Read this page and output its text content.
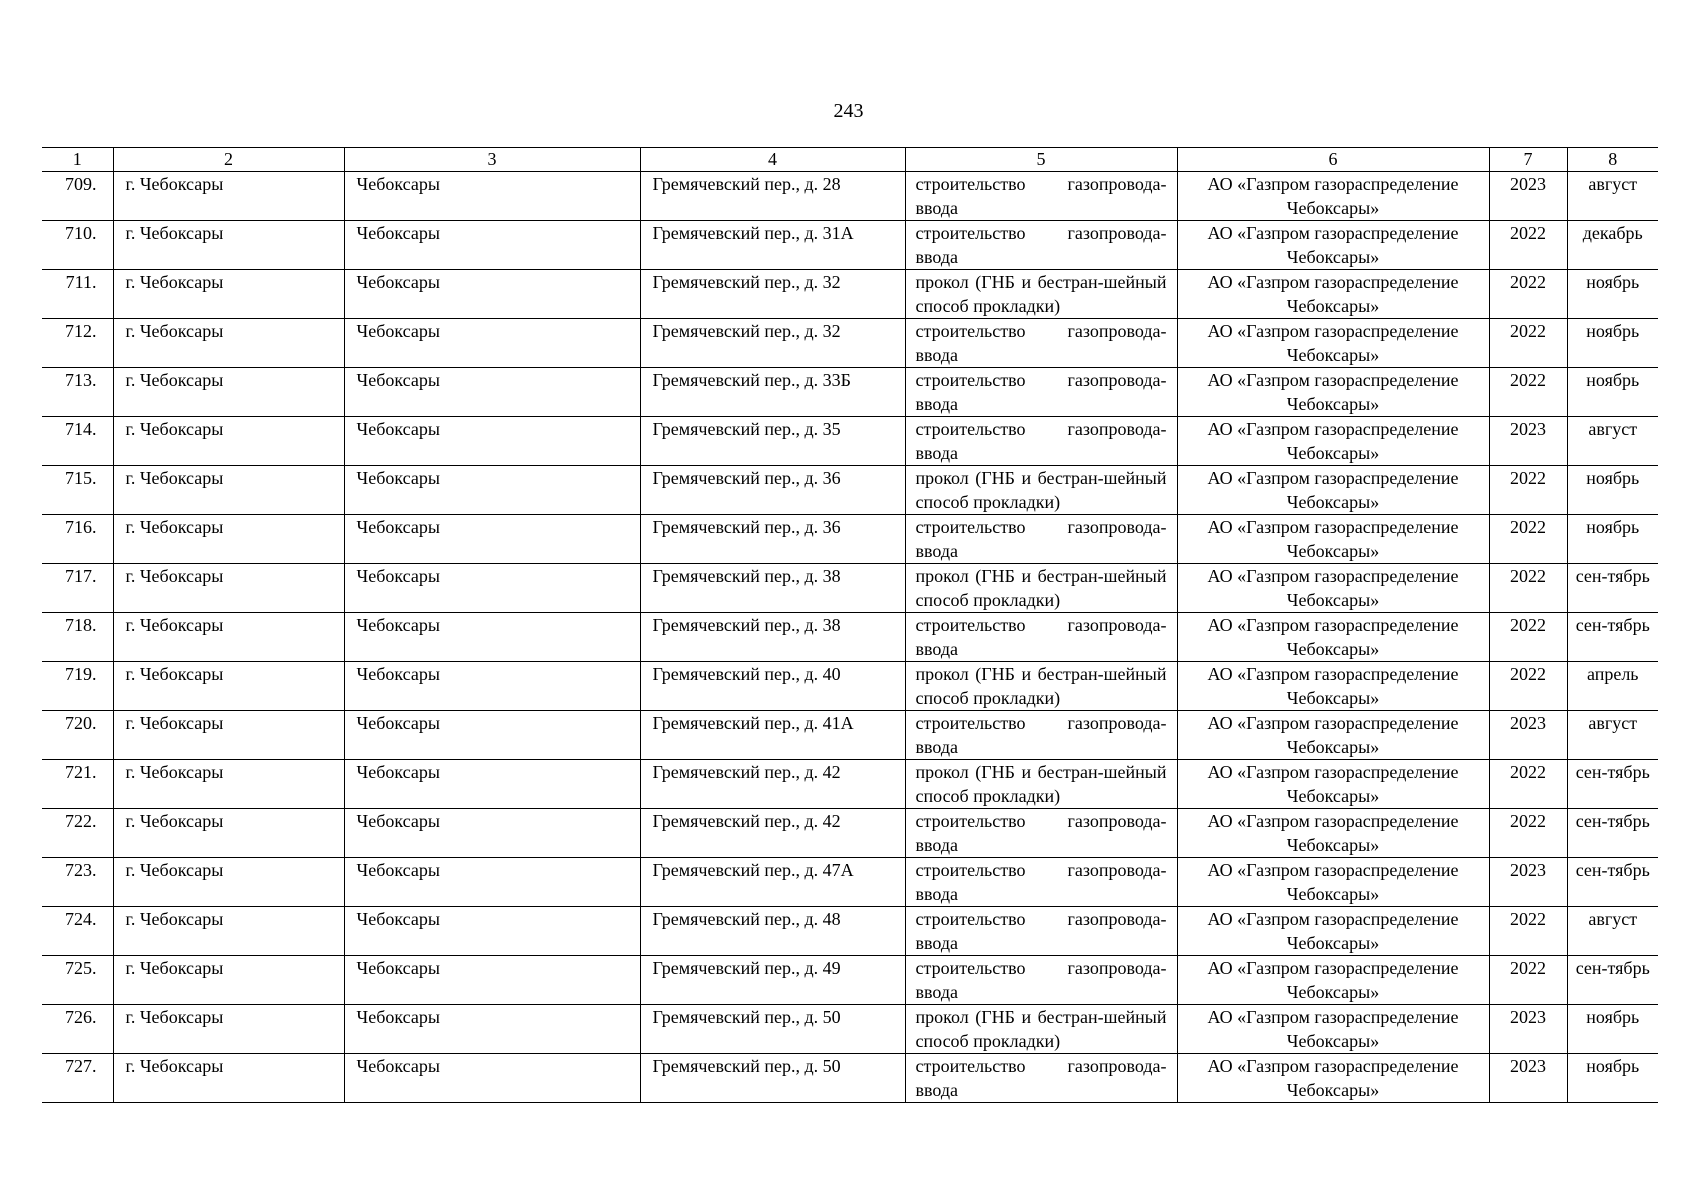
243
1	2	3	4	5	6	7	8
709.	г. Чебоксары	Чебоксары	Гремячевский пер., д. 28	строительство газопровода-ввода	АО «Газпром газораспределение Чебоксары»	2023	август
710.	г. Чебоксары	Чебоксары	Гремячевский пер., д. 31А	строительство газопровода-ввода	АО «Газпром газораспределение Чебоксары»	2022	декабрь
711.	г. Чебоксары	Чебоксары	Гремячевский пер., д. 32	прокол (ГНБ и бестран-шейный способ прокладки)	АО «Газпром газораспределение Чебоксары»	2022	ноябрь
712.	г. Чебоксары	Чебоксары	Гремячевский пер., д. 32	строительство газопровода-ввода	АО «Газпром газораспределение Чебоксары»	2022	ноябрь
713.	г. Чебоксары	Чебоксары	Гремячевский пер., д. 33Б	строительство газопровода-ввода	АО «Газпром газораспределение Чебоксары»	2022	ноябрь
714.	г. Чебоксары	Чебоксары	Гремячевский пер., д. 35	строительство газопровода-ввода	АО «Газпром газораспределение Чебоксары»	2023	август
715.	г. Чебоксары	Чебоксары	Гремячевский пер., д. 36	прокол (ГНБ и бестран-шейный способ прокладки)	АО «Газпром газораспределение Чебоксары»	2022	ноябрь
716.	г. Чебоксары	Чебоксары	Гремячевский пер., д. 36	строительство газопровода-ввода	АО «Газпром газораспределение Чебоксары»	2022	ноябрь
717.	г. Чебоксары	Чебоксары	Гремячевский пер., д. 38	прокол (ГНБ и бестран-шейный способ прокладки)	АО «Газпром газораспределение Чебоксары»	2022	сен-тябрь
718.	г. Чебоксары	Чебоксары	Гремячевский пер., д. 38	строительство газопровода-ввода	АО «Газпром газораспределение Чебоксары»	2022	сен-тябрь
719.	г. Чебоксары	Чебоксары	Гремячевский пер., д. 40	прокол (ГНБ и бестран-шейный способ прокладки)	АО «Газпром газораспределение Чебоксары»	2022	апрель
720.	г. Чебоксары	Чебоксары	Гремячевский пер., д. 41А	строительство газопровода-ввода	АО «Газпром газораспределение Чебоксары»	2023	август
721.	г. Чебоксары	Чебоксары	Гремячевский пер., д. 42	прокол (ГНБ и бестран-шейный способ прокладки)	АО «Газпром газораспределение Чебоксары»	2022	сен-тябрь
722.	г. Чебоксары	Чебоксары	Гремячевский пер., д. 42	строительство газопровода-ввода	АО «Газпром газораспределение Чебоксары»	2022	сен-тябрь
723.	г. Чебоксары	Чебоксары	Гремячевский пер., д. 47А	строительство газопровода-ввода	АО «Газпром газораспределение Чебоксары»	2023	сен-тябрь
724.	г. Чебоксары	Чебоксары	Гремячевский пер., д. 48	строительство газопровода-ввода	АО «Газпром газораспределение Чебоксары»	2022	август
725.	г. Чебоксары	Чебоксары	Гремячевский пер., д. 49	строительство газопровода-ввода	АО «Газпром газораспределение Чебоксары»	2022	сен-тябрь
726.	г. Чебоксары	Чебоксары	Гремячевский пер., д. 50	прокол (ГНБ и бестран-шейный способ прокладки)	АО «Газпром газораспределение Чебоксары»	2023	ноябрь
727.	г. Чебоксары	Чебоксары	Гремячевский пер., д. 50	строительство газопровода-ввода	АО «Газпром газораспределение Чебоксары»	2023	ноябрь
